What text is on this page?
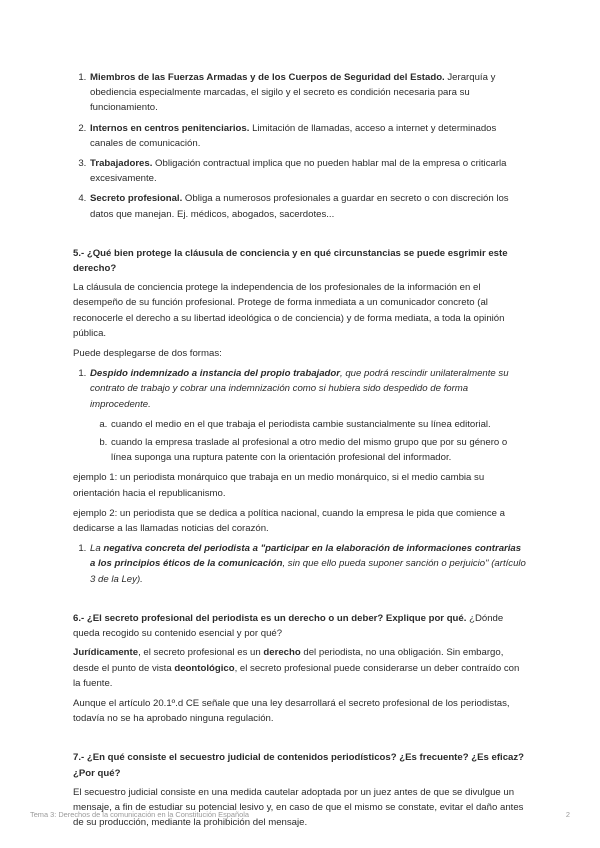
1. Miembros de las Fuerzas Armadas y de los Cuerpos de Seguridad del Estado. Jerarquía y obediencia especialmente marcadas, el sigilo y el secreto es condición necesaria para su funcionamiento.
2. Internos en centros penitenciarios. Limitación de llamadas, acceso a internet y determinados canales de comunicación.
3. Trabajadores. Obligación contractual implica que no pueden hablar mal de la empresa o criticarla excesivamente.
4. Secreto profesional. Obliga a numerosos profesionales a guardar en secreto o con discreción los datos que manejan. Ej. médicos, abogados, sacerdotes...

5.- ¿Qué bien protege la cláusula de conciencia y en qué circunstancias se puede esgrimir este derecho?

La cláusula de conciencia protege la independencia de los profesionales de la información en el desempeño de su función profesional. Protege de forma inmediata a un comunicador concreto (al reconocerle el derecho a su libertad ideológica o de conciencia) y de forma mediata, a toda la opinión pública.

Puede desplegarse de dos formas:

1. Despido indemnizado a instancia del propio trabajador, que podrá rescindir unilateralmente su contrato de trabajo y cobrar una indemnización como si hubiera sido despedido de forma improcedente.
a. cuando el medio en el que trabaja el periodista cambie sustancialmente su línea editorial.
b. cuando la empresa traslade al profesional a otro medio del mismo grupo que por su género o línea suponga una ruptura patente con la orientación profesional del informador.

ejemplo 1: un periodista monárquico que trabaja en un medio monárquico, si el medio cambia su orientación hacia el republicanismo.

ejemplo 2: un periodista que se dedica a política nacional, cuando la empresa le pida que comience a dedicarse a las llamadas noticias del corazón.

1. La negativa concreta del periodista a "participar en la elaboración de informaciones contrarias a los principios éticos de la comunicación, sin que ello pueda suponer sanción o perjuicio" (artículo 3 de la Ley).

6.- ¿El secreto profesional del periodista es un derecho o un deber? Explique por qué. ¿Dónde queda recogido su contenido esencial y por qué?

Jurídicamente, el secreto profesional es un derecho del periodista, no una obligación. Sin embargo, desde el punto de vista deontológico, el secreto profesional puede considerarse un deber contraído con la fuente.

Aunque el artículo 20.1º.d CE señale que una ley desarrollará el secreto profesional de los periodistas, todavía no se ha aprobado ninguna regulación.

7.- ¿En qué consiste el secuestro judicial de contenidos periodísticos? ¿Es frecuente? ¿Es eficaz? ¿Por qué?

El secuestro judicial consiste en una medida cautelar adoptada por un juez antes de que se divulgue un mensaje, a fin de estudiar su potencial lesivo y, en caso de que el mismo se constate, evitar el daño antes de su producción, mediante la prohibición del mensaje.

Tema 3: Derechos de la comunicación en la Constitución Española	2
